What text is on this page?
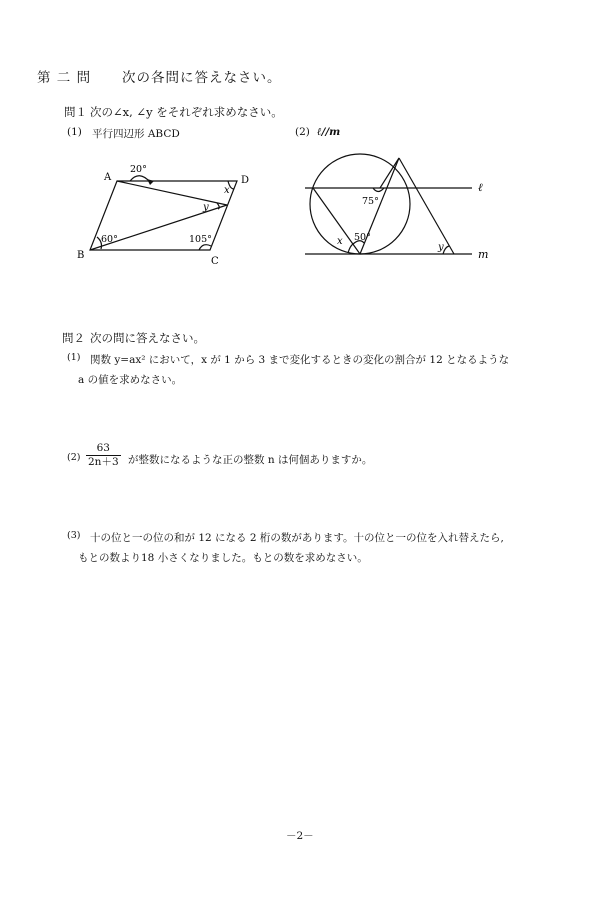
第 二 問 次の各問に答えなさい。
問１ 次の∠x, ∠y をそれぞれ求めなさい。
(1) 平行四辺形 ABCD	(2) ℓ//m
A	D
B
C
20°
x
y
60°	105°
75°
50°
x
y
ℓ
m
問２ 次の問に答えなさい。
(1) 関数 y=ax² において，x が 1 から 3 まで変化するときの変化の割合が 12 となるような
a の値を求めなさい。
$(2) \frac{63}{2n+3}$ が整数になるような正の整数 n は何個ありますか。
(3) 十の位と一の位の和が 12 になる 2 桁の数があります。十の位と一の位を入れ替えたら,
もとの数より18 小さくなりました。もとの数を求めなさい。
－2－
